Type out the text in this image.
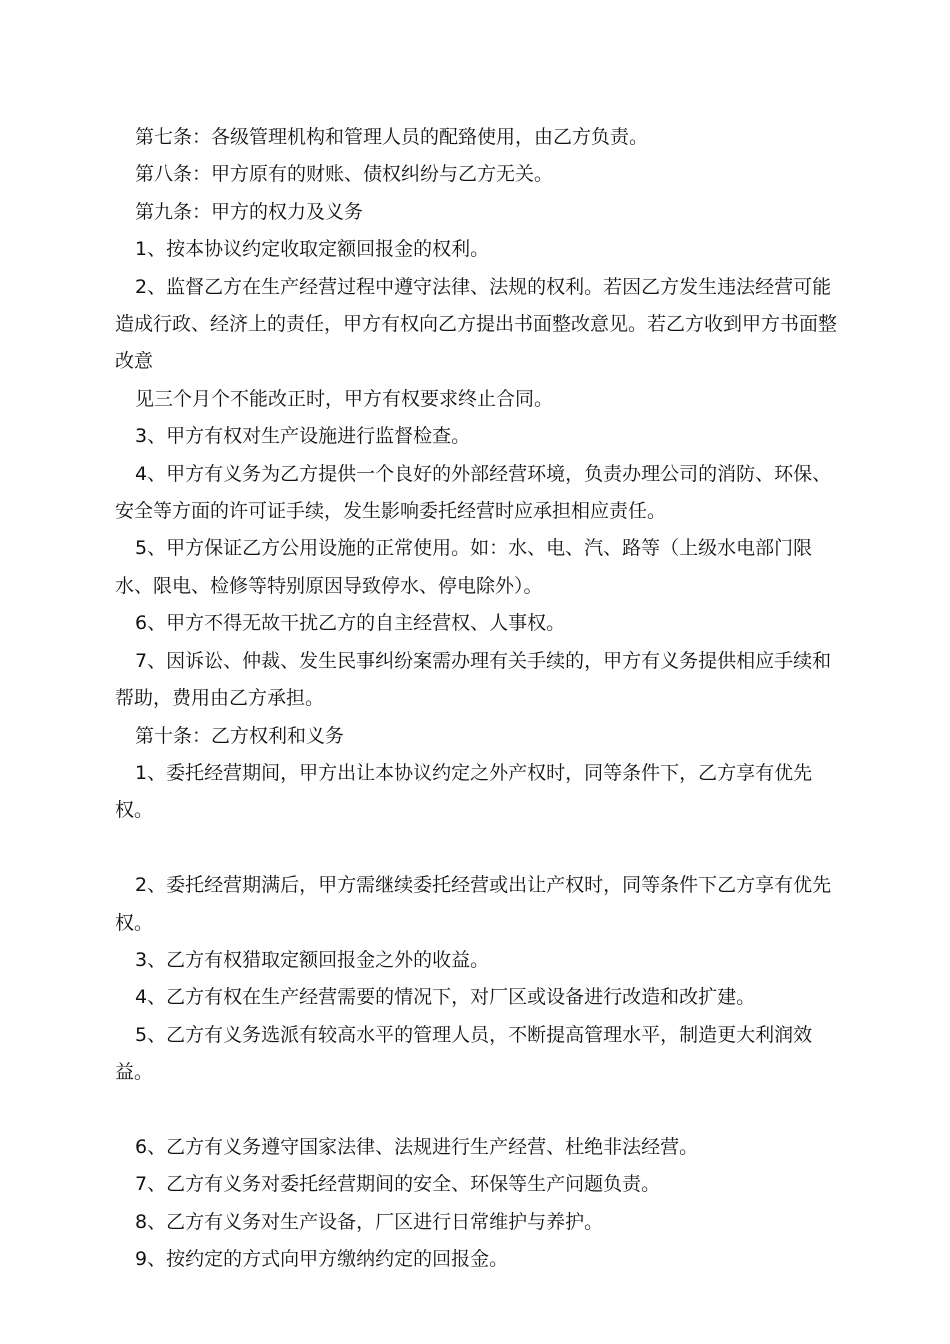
第七条：各级管理机构和管理人员的配臵使用，由乙方负责。

第八条：甲方原有的财账、债权纠纷与乙方无关。

第九条：甲方的权力及义务

1、按本协议约定收取定额回报金的权利。

2、监督乙方在生产经营过程中遵守法律、法规的权利。若因乙方发生违法经营可能造成行政、经济上的责任，甲方有权向乙方提出书面整改意见。若乙方收到甲方书面整改意

见三个月个不能改正时，甲方有权要求终止合同。

3、甲方有权对生产设施进行监督检查。

4、甲方有义务为乙方提供一个良好的外部经营环境，负责办理公司的消防、环保、安全等方面的许可证手续，发生影响委托经营时应承担相应责任。

5、甲方保证乙方公用设施的正常使用。如：水、电、汽、路等（上级水电部门限水、限电、检修等特别原因导致停水、停电除外）。

6、甲方不得无故干扰乙方的自主经营权、人事权。

7、因诉讼、仲裁、发生民事纠纷案需办理有关手续的，甲方有义务提供相应手续和帮助，费用由乙方承担。

第十条：乙方权利和义务

1、委托经营期间，甲方出让本协议约定之外产权时，同等条件下，乙方享有优先权。

2、委托经营期满后，甲方需继续委托经营或出让产权时，同等条件下乙方享有优先权。

3、乙方有权猎取定额回报金之外的收益。

4、乙方有权在生产经营需要的情况下，对厂区或设备进行改造和改扩建。

5、乙方有义务选派有较高水平的管理人员，不断提高管理水平，制造更大利润效益。

6、乙方有义务遵守国家法律、法规进行生产经营、杜绝非法经营。

7、乙方有义务对委托经营期间的安全、环保等生产问题负责。

8、乙方有义务对生产设备，厂区进行日常维护与养护。

9、按约定的方式向甲方缴纳约定的回报金。
